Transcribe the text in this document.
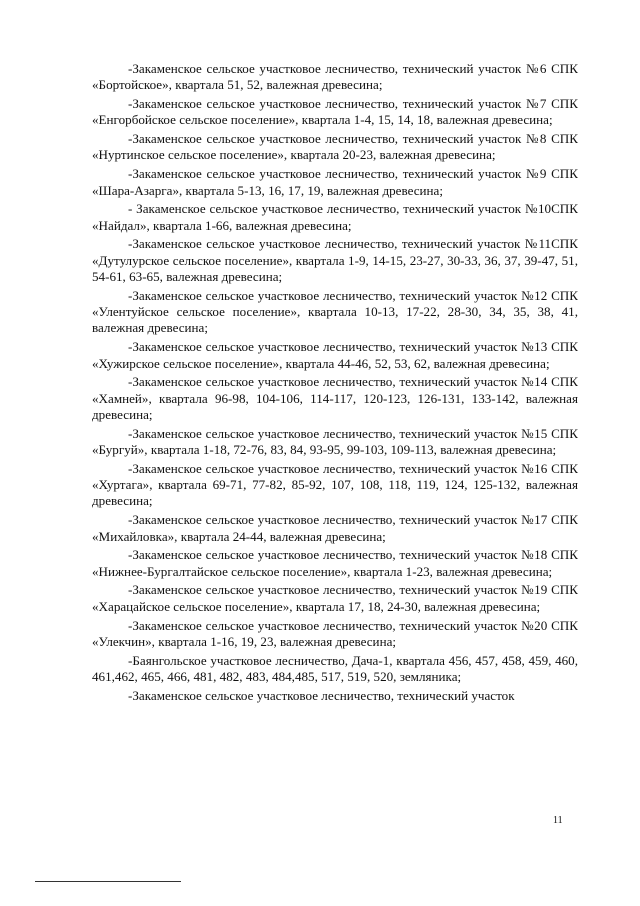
-Закаменское сельское участковое лесничество, технический участок №6 СПК «Бортойское», квартала 51, 52, валежная древесина;

-Закаменское сельское участковое лесничество, технический участок №7 СПК «Енгорбойское сельское поселение», квартала 1-4, 15, 14, 18, валежная древесина;

-Закаменское сельское участковое лесничество, технический участок №8 СПК «Нуртинское сельское поселение», квартала 20-23, валежная древесина;

-Закаменское сельское участковое лесничество, технический участок №9 СПК «Шара-Азарга», квартала 5-13, 16, 17, 19, валежная древесина;

- Закаменское сельское участковое лесничество, технический участок №10СПК «Найдал», квартала 1-66, валежная древесина;

-Закаменское сельское участковое лесничество, технический участок №11СПК «Дутулурское сельское поселение», квартала 1-9, 14-15, 23-27, 30-33, 36, 37, 39-47, 51, 54-61, 63-65, валежная древесина;

-Закаменское сельское участковое лесничество, технический участок №12 СПК «Улентуйское сельское поселение», квартала 10-13, 17-22, 28-30, 34, 35, 38, 41, валежная древесина;

-Закаменское сельское участковое лесничество, технический участок №13 СПК «Хужирское сельское поселение», квартала 44-46, 52, 53, 62, валежная древесина;

-Закаменское сельское участковое лесничество, технический участок №14 СПК «Хамней», квартала 96-98, 104-106, 114-117, 120-123, 126-131, 133-142, валежная древесина;

-Закаменское сельское участковое лесничество, технический участок №15 СПК «Бургуй», квартала 1-18, 72-76, 83, 84, 93-95, 99-103, 109-113, валежная древесина;

-Закаменское сельское участковое лесничество, технический участок №16 СПК «Хуртага», квартала 69-71, 77-82, 85-92, 107, 108, 118, 119, 124, 125-132, валежная древесина;

-Закаменское сельское участковое лесничество, технический участок №17 СПК «Михайловка», квартала 24-44, валежная древесина;

-Закаменское сельское участковое лесничество, технический участок №18 СПК «Нижнее-Бургалтайское сельское поселение», квартала 1-23, валежная древесина;

-Закаменское сельское участковое лесничество, технический участок №19 СПК «Харацайское сельское поселение», квартала 17, 18, 24-30, валежная древесина;

-Закаменское сельское участковое лесничество, технический участок №20 СПК «Улекчин», квартала 1-16, 19, 23, валежная древесина;

-Баянгольское участковое лесничество, Дача-1, квартала 456, 457, 458, 459, 460, 461,462, 465, 466, 481, 482, 483, 484,485, 517, 519, 520, земляника;

-Закаменское сельское участковое лесничество, технический участок

11
